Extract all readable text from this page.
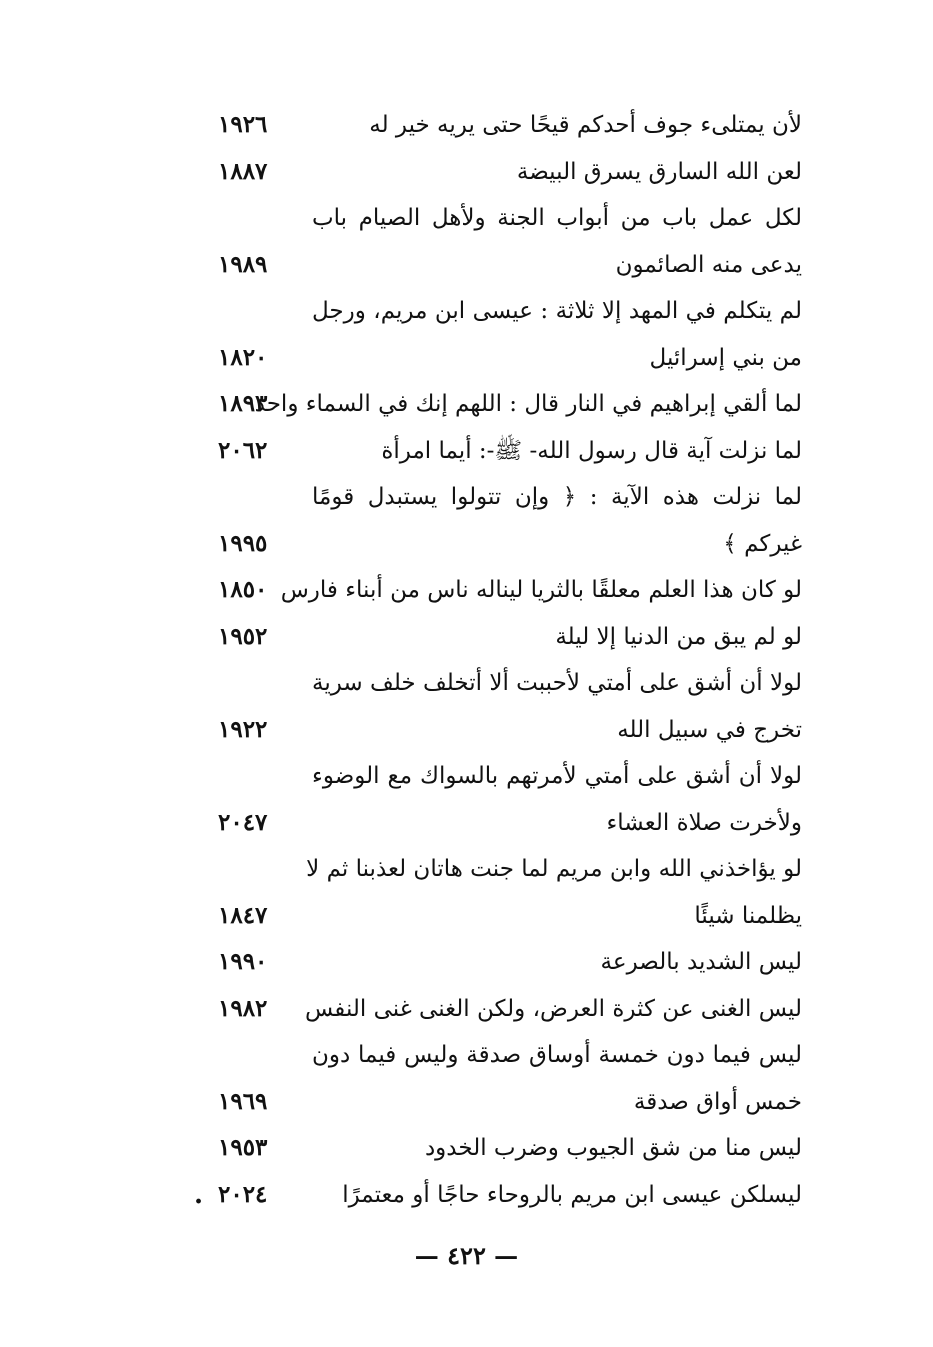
لأن يمتلىء جوف أحدكم قيحًا حتى يريه خير له
١٩٢٦
لعن الله السارق يسرق البيضة
١٨٨٧
لكل عمل باب من أبواب الجنة ولأهل الصيام باب
يدعى منه الصائمون
١٩٨٩
لم يتكلم في المهد إلا ثلاثة : عيسى ابن مريم، ورجل
من بني إسرائيل
١٨٢٠
لما ألقي إبراهيم في النار قال : اللهم إنك في السماء واحد
١٨٩٣
لما نزلت آية قال رسول الله- ﷺ-: أيما امرأة
٢٠٦٢
لما نزلت هذه الآية : ﴿ وإن تتولوا يستبدل قومًا
غيركم ﴾
١٩٩٥
لو كان هذا العلم معلقًا بالثريا ليناله ناس من أبناء فارس
١٨٥٠
لو لم يبق من الدنيا إلا ليلة
١٩٥٢
لولا أن أشق على أمتي لأحببت ألا أتخلف خلف سرية
تخرج في سبيل الله
١٩٢٢
لولا أن أشق على أمتي لأمرتهم بالسواك مع الوضوء
ولأخرت صلاة العشاء
٢٠٤٧
لو يؤاخذني الله وابن مريم لما جنت هاتان لعذبنا ثم لا
يظلمنا شيئًا
١٨٤٧
ليس الشديد بالصرعة
١٩٩٠
ليس الغنى عن كثرة العرض، ولكن الغنى غنى النفس
١٩٨٢
ليس فيما دون خمسة أوساق صدقة وليس فيما دون
خمس أواق صدقة
١٩٦٩
ليس منا من شق الجيوب وضرب الخدود
١٩٥٣
ليسلكن عيسى ابن مريم بالروحاء حاجًا أو معتمرًا
٢٠٢٤
.
— ٤٢٢ —
